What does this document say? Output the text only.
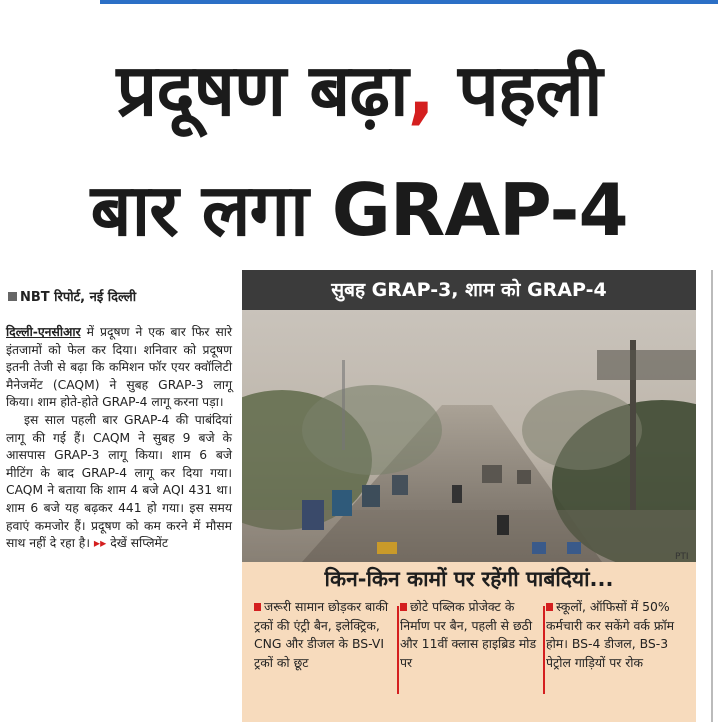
प्रदूषण बढ़ा, पहली
बार लगा GRAP-4
NBT रिपोर्ट, नई दिल्ली

दिल्ली-एनसीआर में प्रदूषण ने एक बार फिर सारे इंतजामों को फेल कर दिया। शनिवार को प्रदूषण इतनी तेजी से बढ़ा कि कमिशन फॉर एयर क्वॉलिटी मैनेजमेंट (CAQM) ने सुबह GRAP-3 लागू किया। शाम होते-होते GRAP-4 लागू करना पड़ा।

इस साल पहली बार GRAP-4 की पाबंदियां लागू की गई हैं। CAQM ने सुबह 9 बजे के आसपास GRAP-3 लागू किया। शाम 6 बजे मीटिंग के बाद GRAP-4 लागू कर दिया गया। CAQM ने बताया कि शाम 4 बजे AQI 431 था। शाम 6 बजे यह बढ़कर 441 हो गया। इस समय हवाएं कमजोर हैं। प्रदूषण को कम करने में मौसम साथ नहीं दे रहा है। ▸▸ देखें सप्लिमेंट

सुबह GRAP-3, शाम को GRAP-4
PTI
किन-किन कामों पर रहेंगी पाबंदियां...
जरूरी सामान छोड़कर बाकी ट्रकों की एंट्री बैन, इलेक्ट्रिक, CNG और डीजल के BS-VI ट्रकों को छूट
छोटे पब्लिक प्रोजेक्ट के निर्माण पर बैन, पहली से छठी और 11वीं क्लास हाइब्रिड मोड पर
स्कूलों, ऑफिसों में 50% कर्मचारी कर सकेंगे वर्क फ्रॉम होम। BS-4 डीजल, BS-3 पेट्रोल गाड़ियों पर रोक
